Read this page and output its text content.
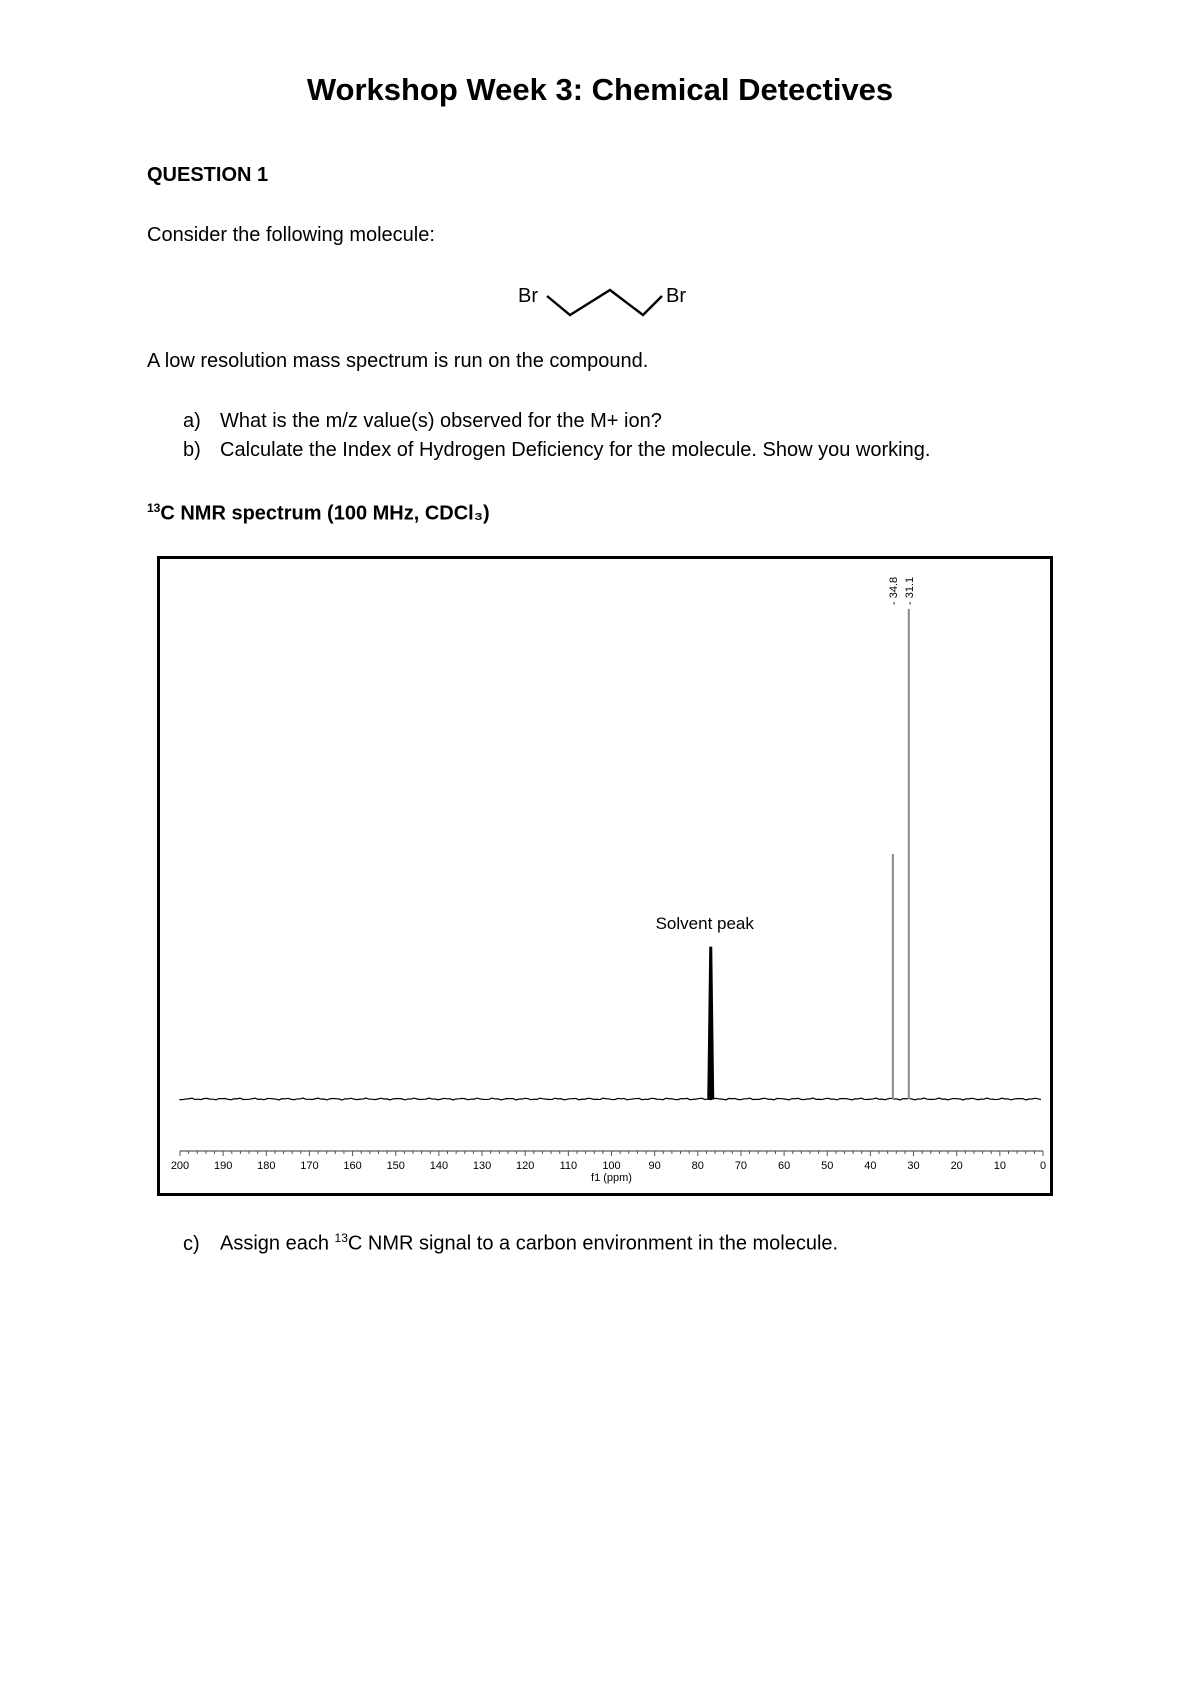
Workshop Week 3: Chemical Detectives
QUESTION 1
Consider the following molecule:
Br	Br
A low resolution mass spectrum is run on the compound.
a) What is the m/z value(s) observed for the M+ ion?
b) Calculate the Index of Hydrogen Deficiency for the molecule. Show you working.
$^{13}$C NMR spectrum (100 MHz, CDCl₃)
Solvent peak
- 34.8 - 31.1
200 190 180 170 160 150 140 130 120 110 100	90	80	70	60	50	40	30	20	10	0
f1 (ppm)
c) Assign each $^{13}$C NMR signal to a carbon environment in the molecule.
